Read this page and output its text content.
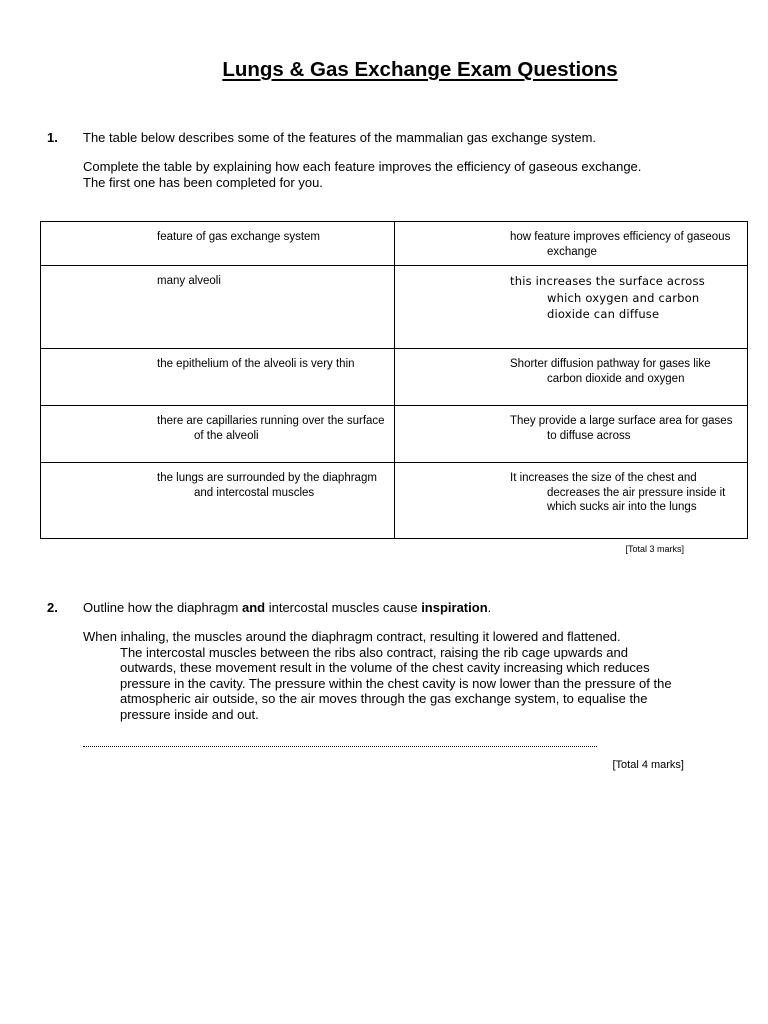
Lungs & Gas Exchange Exam Questions
1. The table below describes some of the features of the mammalian gas exchange system.
Complete the table by explaining how each feature improves the efficiency of gaseous exchange. The first one has been completed for you.
feature of gas exchange system	how feature improves efficiency of gaseous exchange

many alveoli	this increases the surface across which oxygen and carbon dioxide can diffuse

the epithelium of the alveoli is very thin	Shorter diffusion pathway for gases like carbon dioxide and oxygen

there are capillaries running over the surface of the alveoli	They provide a large surface area for gases to diffuse across

the lungs are surrounded by the diaphragm and intercostal muscles	It increases the size of the chest and decreases the air pressure inside it which sucks air into the lungs
[Total 3 marks]
2. Outline how the diaphragm and intercostal muscles cause inspiration.
When inhaling, the muscles around the diaphragm contract, resulting it lowered and flattened.
The intercostal muscles between the ribs also contract, raising the rib cage upwards and outwards, these movement result in the volume of the chest cavity increasing which reduces pressure in the cavity. The pressure within the chest cavity is now lower than the pressure of the atmospheric air outside, so the air moves through the gas exchange system, to equalise the pressure inside and out.
[Total 4 marks]
